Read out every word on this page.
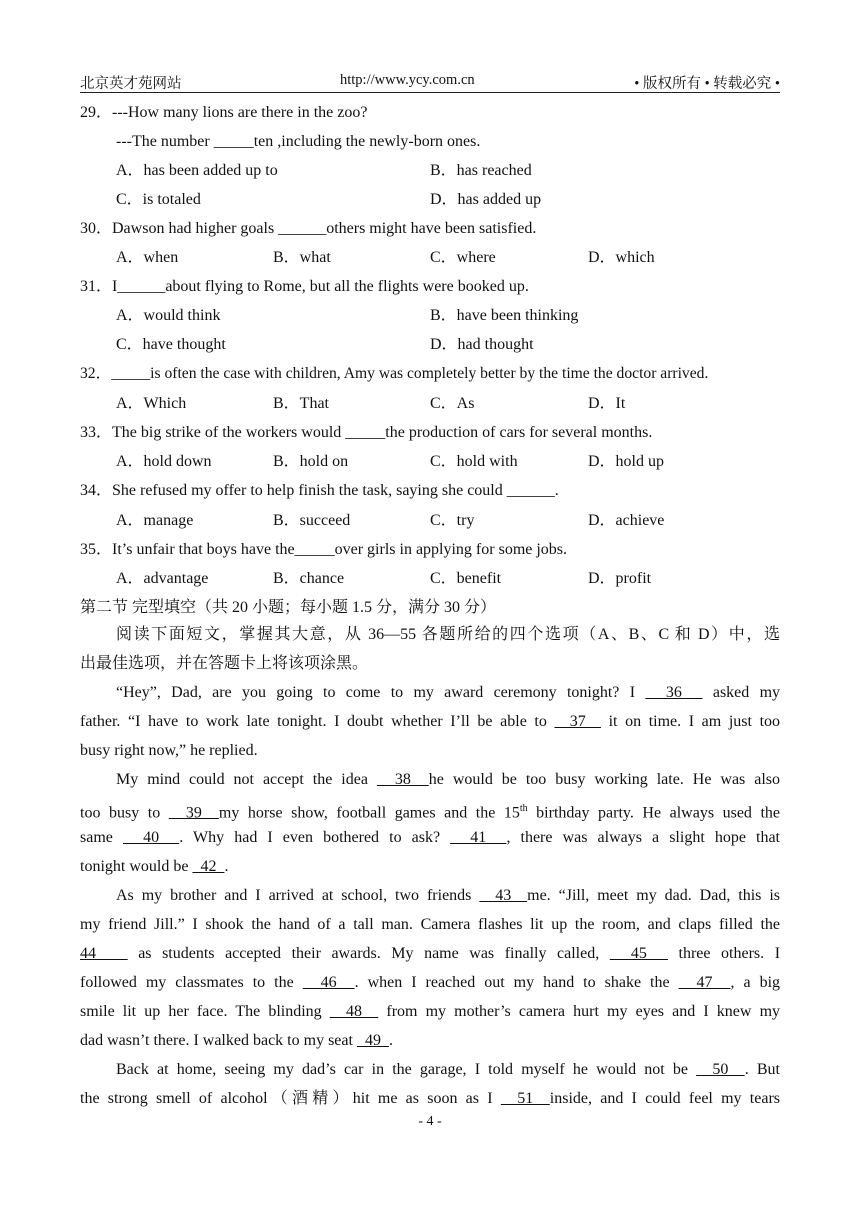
北京英才苑网站	http://www.ycy.com.cn	• 版权所有 • 转载必究 •
29．---How many lions are there in the zoo?
---The number _____ten ,including the newly-born ones.
A．has been added up to	B．has reached
C．is totaled	D．has added up
30．Dawson had higher goals ______others might have been satisfied.
A．when	B．what	C．where	D．which
31．I______about flying to Rome, but all the flights were booked up.
A．would think	B．have been thinking
C．have thought	D．had thought
32．_____is often the case with children, Amy was completely better by the time the doctor arrived.
A．Which	B．That	C．As	D．It
33．The big strike of the workers would _____the production of cars for several months.
A．hold down	B．hold on	C．hold with	D．hold up
34．She refused my offer to help finish the task, saying she could ______.
A．manage	B．succeed	C．try	D．achieve
35．It’s unfair that boys have the_____over girls in applying for some jobs.
A．advantage	B．chance	C．benefit	D．profit
第二节 完型填空（共 20 小题；每小题 1.5 分，满分 30 分）
阅读下面短文，掌握其大意，从 36—55 各题所给的四个选项（A、B、C 和 D）中，选
出最佳选项，并在答题卡上将该项涂黑。
“Hey”, Dad, are you going to come to my award ceremony tonight? I   36   asked my
father. “I have to work late tonight. I doubt whether I’ll be able to   37   it on time. I am just too
busy right now,” he replied.
My mind could not accept the idea   38  he would be too busy working late. He was also
too busy to   39  my horse show, football games and the 15th birthday party. He always used the
same   40  . Why had I even bothered to ask?   41  , there was always a slight hope that
tonight would be   42  .
As my brother and I arrived at school, two friends   43  me. “Jill, meet my dad. Dad, this is
my friend Jill.” I shook the hand of a tall man. Camera flashes lit up the room, and claps filled the
44    as students accepted their awards. My name was finally called,   45   three others. I
followed my classmates to the   46  . when I reached out my hand to shake the   47  , a big
smile lit up her face. The blinding   48   from my mother’s camera hurt my eyes and I knew my
dad wasn’t there. I walked back to my seat   49  .
Back at home, seeing my dad’s car in the garage, I told myself he would not be   50  . But
the strong smell of alcohol（酒精）hit me as soon as I   51  inside, and I could feel my tears
- 4 -
